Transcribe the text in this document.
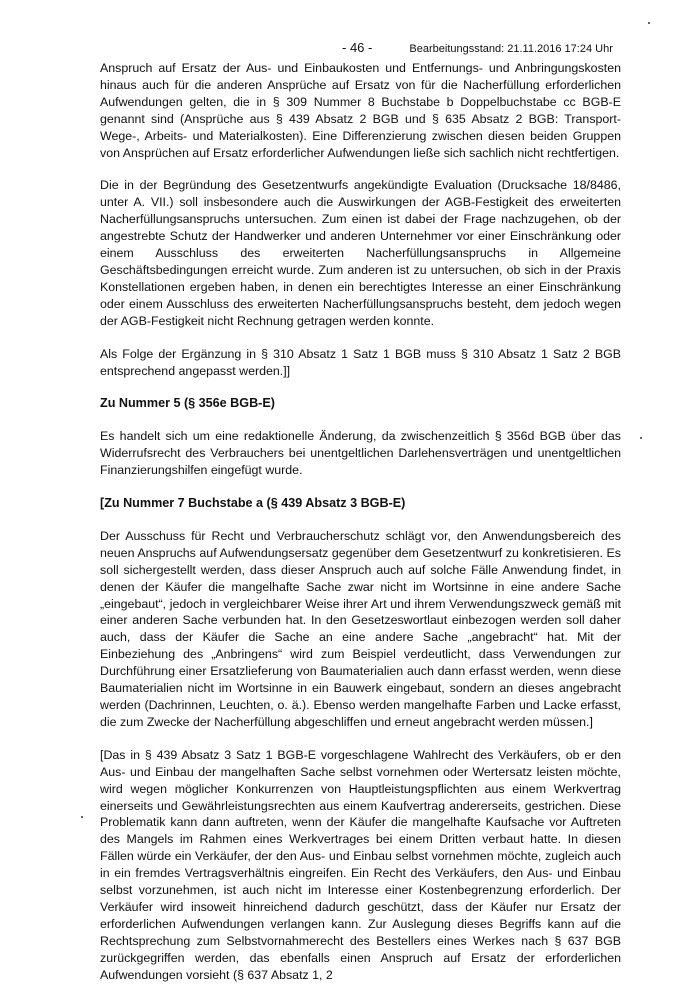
- 46 -	Bearbeitungsstand: 21.11.2016 17:24 Uhr

Anspruch auf Ersatz der Aus- und Einbaukosten und Entfernungs- und Anbringungskosten hinaus auch für die anderen Ansprüche auf Ersatz von für die Nacherfüllung erforderlichen Aufwendungen gelten, die in § 309 Nummer 8 Buchstabe b Doppelbuchstabe cc BGB-E genannt sind (Ansprüche aus § 439 Absatz 2 BGB und § 635 Absatz 2 BGB: Transport- Wege-, Arbeits- und Materialkosten). Eine Differenzierung zwischen diesen beiden Gruppen von Ansprüchen auf Ersatz erforderlicher Aufwendungen ließe sich sachlich nicht rechtfertigen.

Die in der Begründung des Gesetzentwurfs angekündigte Evaluation (Drucksache 18/8486, unter A. VII.) soll insbesondere auch die Auswirkungen der AGB-Festigkeit des erweiterten Nacherfüllungsanspruchs untersuchen. Zum einen ist dabei der Frage nachzugehen, ob der angestrebte Schutz der Handwerker und anderen Unternehmer vor einer Einschränkung oder einem Ausschluss des erweiterten Nacherfüllungsanspruchs in Allgemeine Geschäftsbedingungen erreicht wurde. Zum anderen ist zu untersuchen, ob sich in der Praxis Konstellationen ergeben haben, in denen ein berechtigtes Interesse an einer Einschränkung oder einem Ausschluss des erweiterten Nacherfüllungsanspruchs besteht, dem jedoch wegen der AGB-Festigkeit nicht Rechnung getragen werden konnte.

Als Folge der Ergänzung in § 310 Absatz 1 Satz 1 BGB muss § 310 Absatz 1 Satz 2 BGB entsprechend angepasst werden.]]

Zu Nummer 5 (§ 356e BGB-E)

Es handelt sich um eine redaktionelle Änderung, da zwischenzeitlich § 356d BGB über das Widerrufsrecht des Verbrauchers bei unentgeltlichen Darlehensverträgen und unentgeltlichen Finanzierungshilfen eingefügt wurde.

[Zu Nummer 7 Buchstabe a (§ 439 Absatz 3 BGB-E)

Der Ausschuss für Recht und Verbraucherschutz schlägt vor, den Anwendungsbereich des neuen Anspruchs auf Aufwendungsersatz gegenüber dem Gesetzentwurf zu konkretisieren. Es soll sichergestellt werden, dass dieser Anspruch auch auf solche Fälle Anwendung findet, in denen der Käufer die mangelhafte Sache zwar nicht im Wortsinne in eine andere Sache „eingebaut“, jedoch in vergleichbarer Weise ihrer Art und ihrem Verwendungszweck gemäß mit einer anderen Sache verbunden hat. In den Gesetzeswortlaut einbezogen werden soll daher auch, dass der Käufer die Sache an eine andere Sache „angebracht“ hat. Mit der Einbeziehung des „Anbringens“ wird zum Beispiel verdeutlicht, dass Verwendungen zur Durchführung einer Ersatzlieferung von Baumaterialien auch dann erfasst werden, wenn diese Baumaterialien nicht im Wortsinne in ein Bauwerk eingebaut, sondern an dieses angebracht werden (Dachrinnen, Leuchten, o. ä.). Ebenso werden mangelhafte Farben und Lacke erfasst, die zum Zwecke der Nacherfüllung abgeschliffen und erneut angebracht werden müssen.]

[Das in § 439 Absatz 3 Satz 1 BGB-E vorgeschlagene Wahlrecht des Verkäufers, ob er den Aus- und Einbau der mangelhaften Sache selbst vornehmen oder Wertersatz leisten möchte, wird wegen möglicher Konkurrenzen von Hauptleistungspflichten aus einem Werkvertrag einerseits und Gewährleistungsrechten aus einem Kaufvertrag andererseits, gestrichen. Diese Problematik kann dann auftreten, wenn der Käufer die mangelhafte Kaufsache vor Auftreten des Mangels im Rahmen eines Werkvertrages bei einem Dritten verbaut hatte. In diesen Fällen würde ein Verkäufer, der den Aus- und Einbau selbst vornehmen möchte, zugleich auch in ein fremdes Vertragsverhältnis eingreifen. Ein Recht des Verkäufers, den Aus- und Einbau selbst vorzunehmen, ist auch nicht im Interesse einer Kostenbegrenzung erforderlich. Der Verkäufer wird insoweit hinreichend dadurch geschützt, dass der Käufer nur Ersatz der erforderlichen Aufwendungen verlangen kann. Zur Auslegung dieses Begriffs kann auf die Rechtsprechung zum Selbstvornahmerecht des Bestellers eines Werkes nach § 637 BGB zurückgegriffen werden, das ebenfalls einen Anspruch auf Ersatz der erforderlichen Aufwendungen vorsieht (§ 637 Absatz 1, 2
